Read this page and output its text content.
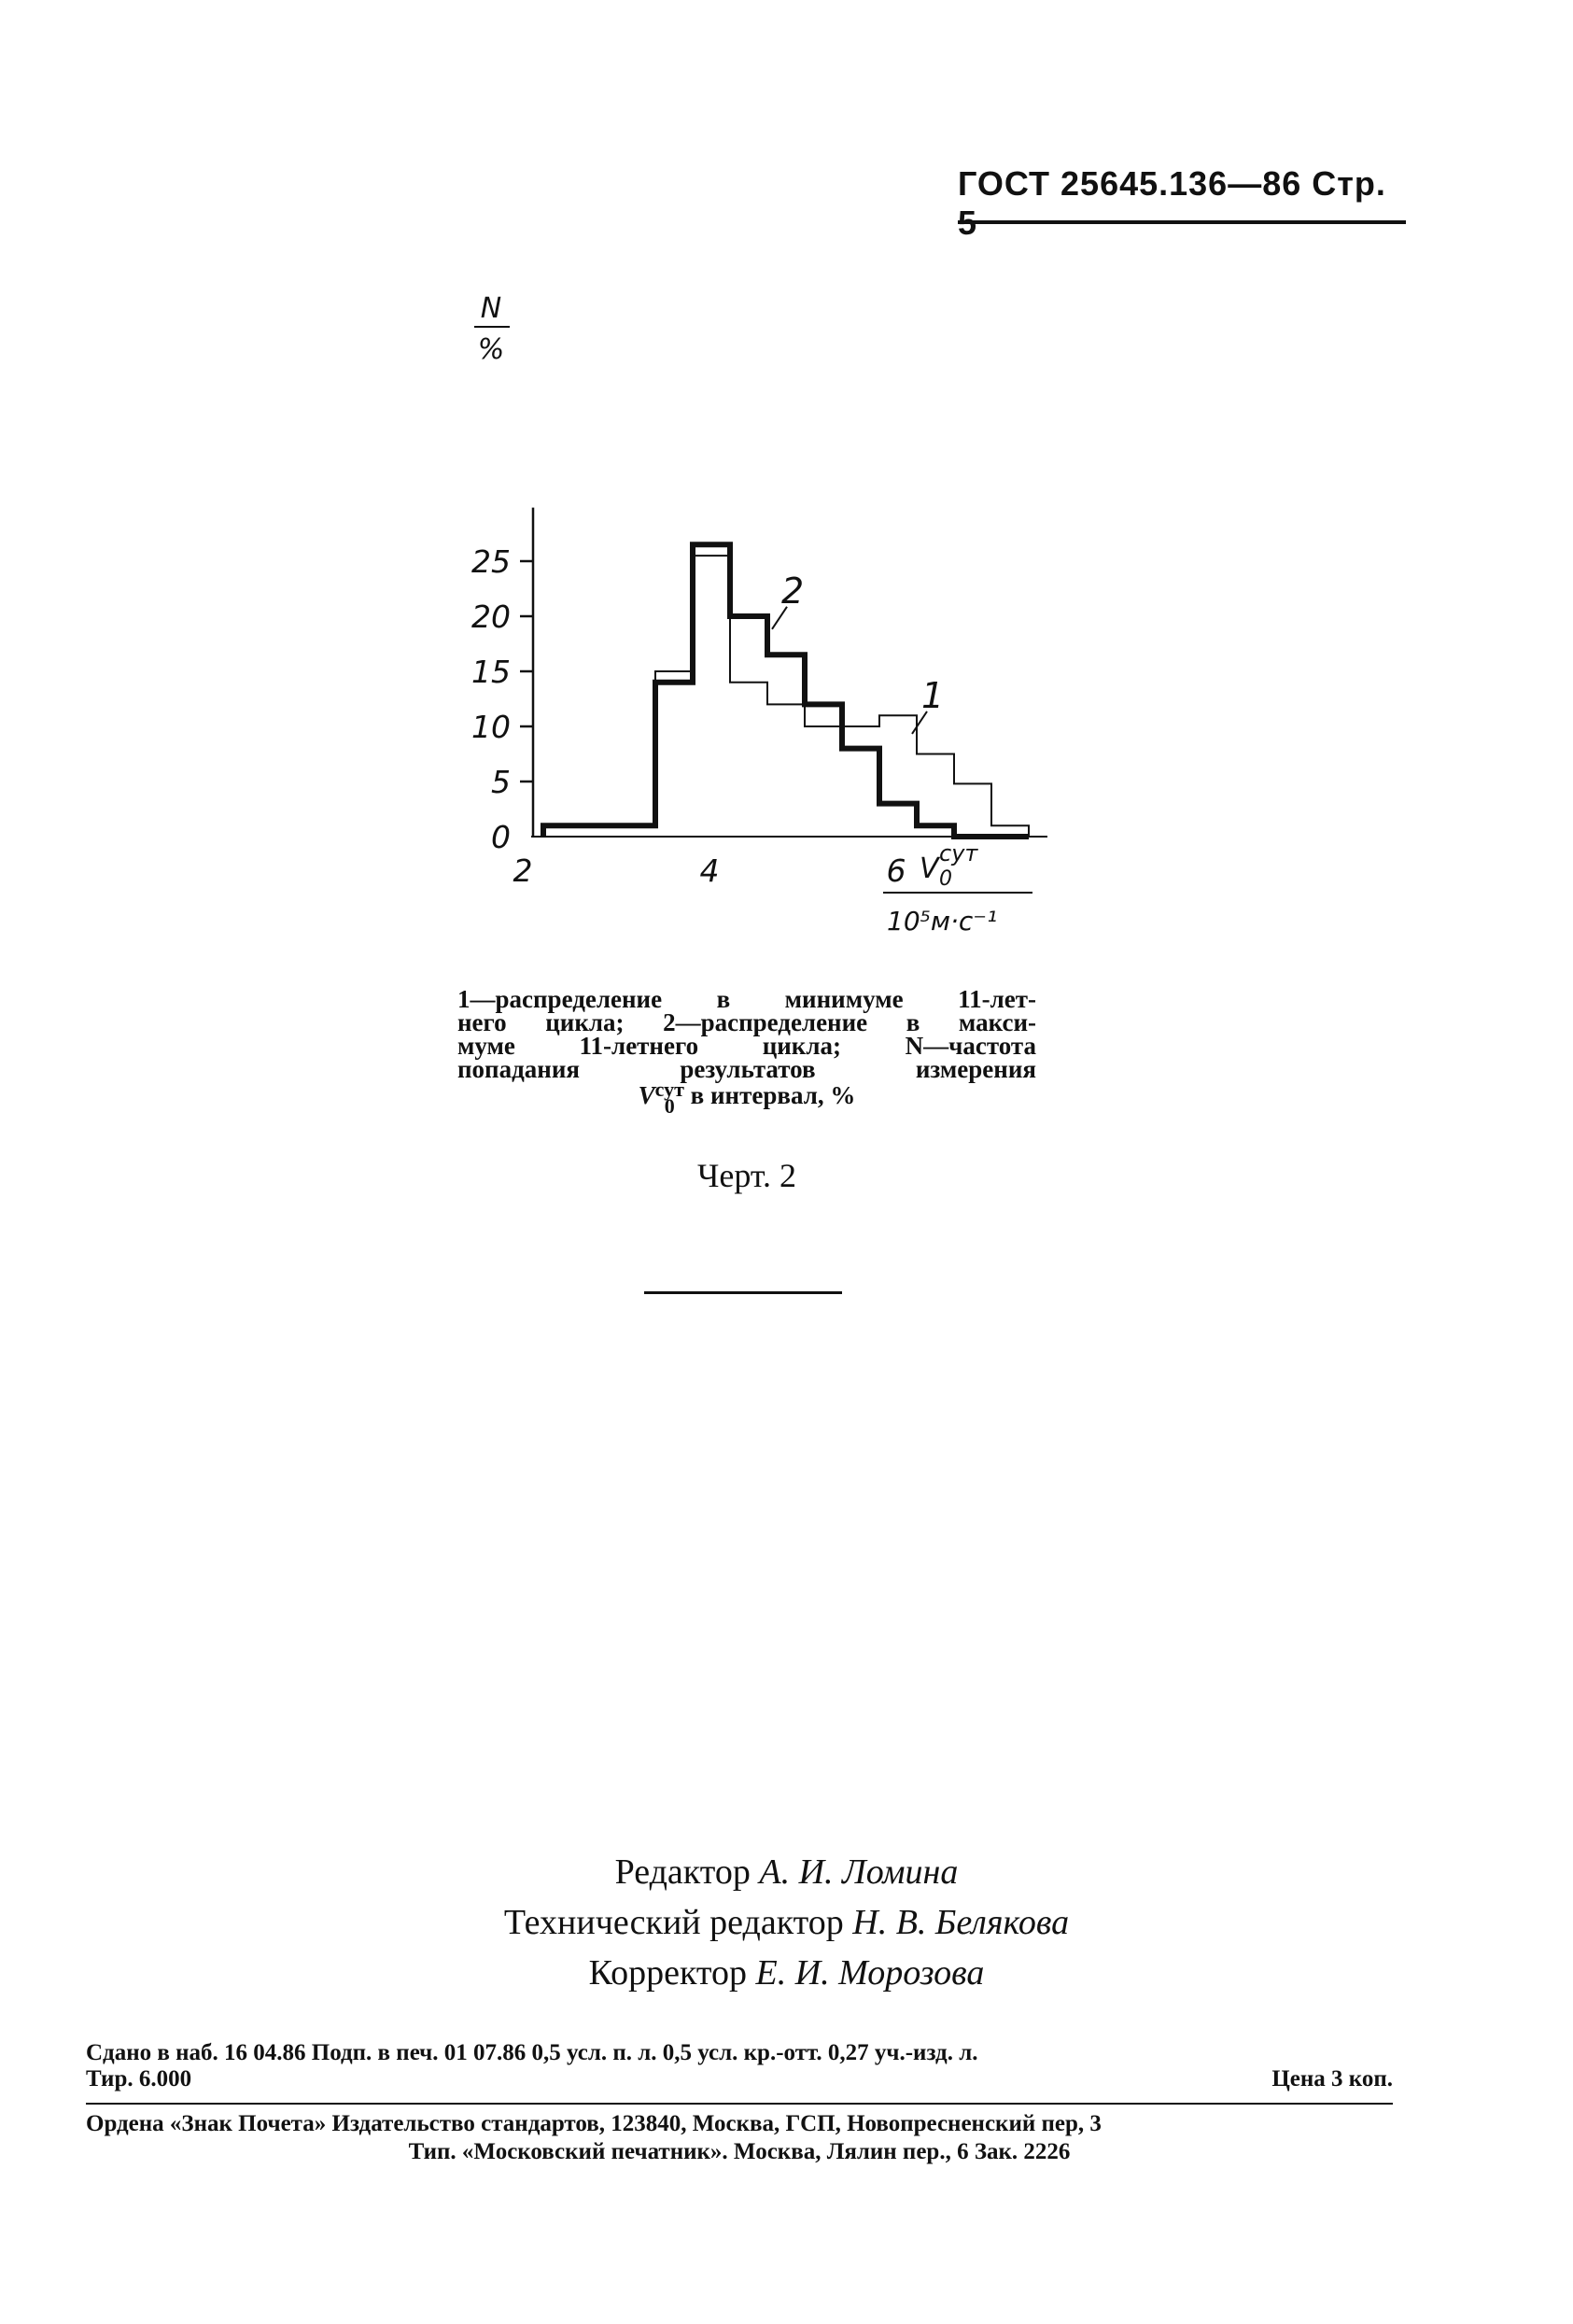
ГОСТ 25645.136—86 Стр. 5
0
5
10
15
20
25
2	4	6
N
%
V сут
0
10⁵м·с⁻¹
1
2

1—распределение в минимуме 11-лет-

него цикла; 2—распределение в макси-

муме 11-летнего цикла; N—частота

попадания результатов измерения

V сут
0 в интервал, %

Черт. 2
Редактор А. И. Ломина
Технический редактор Н. В. Белякова
Корректор Е. И. Морозова
Сдано в наб. 16 04.86 Подп. в печ. 01 07.86 0,5 усл. п. л. 0,5 усл. кр.-отт. 0,27 уч.-изд. л.
Тир. 6.000	Цена 3 коп.
Ордена «Знак Почета» Издательство стандартов, 123840, Москва, ГСП, Новопресненский пер, 3
Тип. «Московский печатник». Москва, Лялин пер., 6 Зак. 2226
